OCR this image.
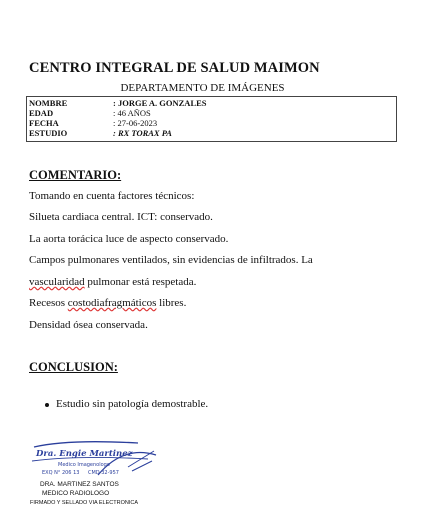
CENTRO INTEGRAL DE SALUD MAIMON
DEPARTAMENTO DE IMÁGENES
NOMBRE	: JORGE A. GONZALES
EDAD	: 46 AÑOS
FECHA	: 27-06-2023
ESTUDIO	: RX TORAX PA
COMENTARIO:
Tomando en cuenta factores técnicos:
Silueta cardiaca central. ICT: conservado.
La aorta torácica luce de aspecto conservado.
Campos pulmonares ventilados, sin evidencias de infiltrados. La
vascularidad pulmonar está respetada.
Recesos costodiafragmáticos libres.
Densidad ósea conservada.
CONCLUSION:
Estudio sin patología demostrable.
Dra. Engie Martinez
Medico Imagenologo
EXQ N° 206 13 CMD 32-957
DRA. MARTINEZ SANTOS
MEDICO RADIOLOGO
FIRMADO Y SELLADO VIA ELECTRONICA
